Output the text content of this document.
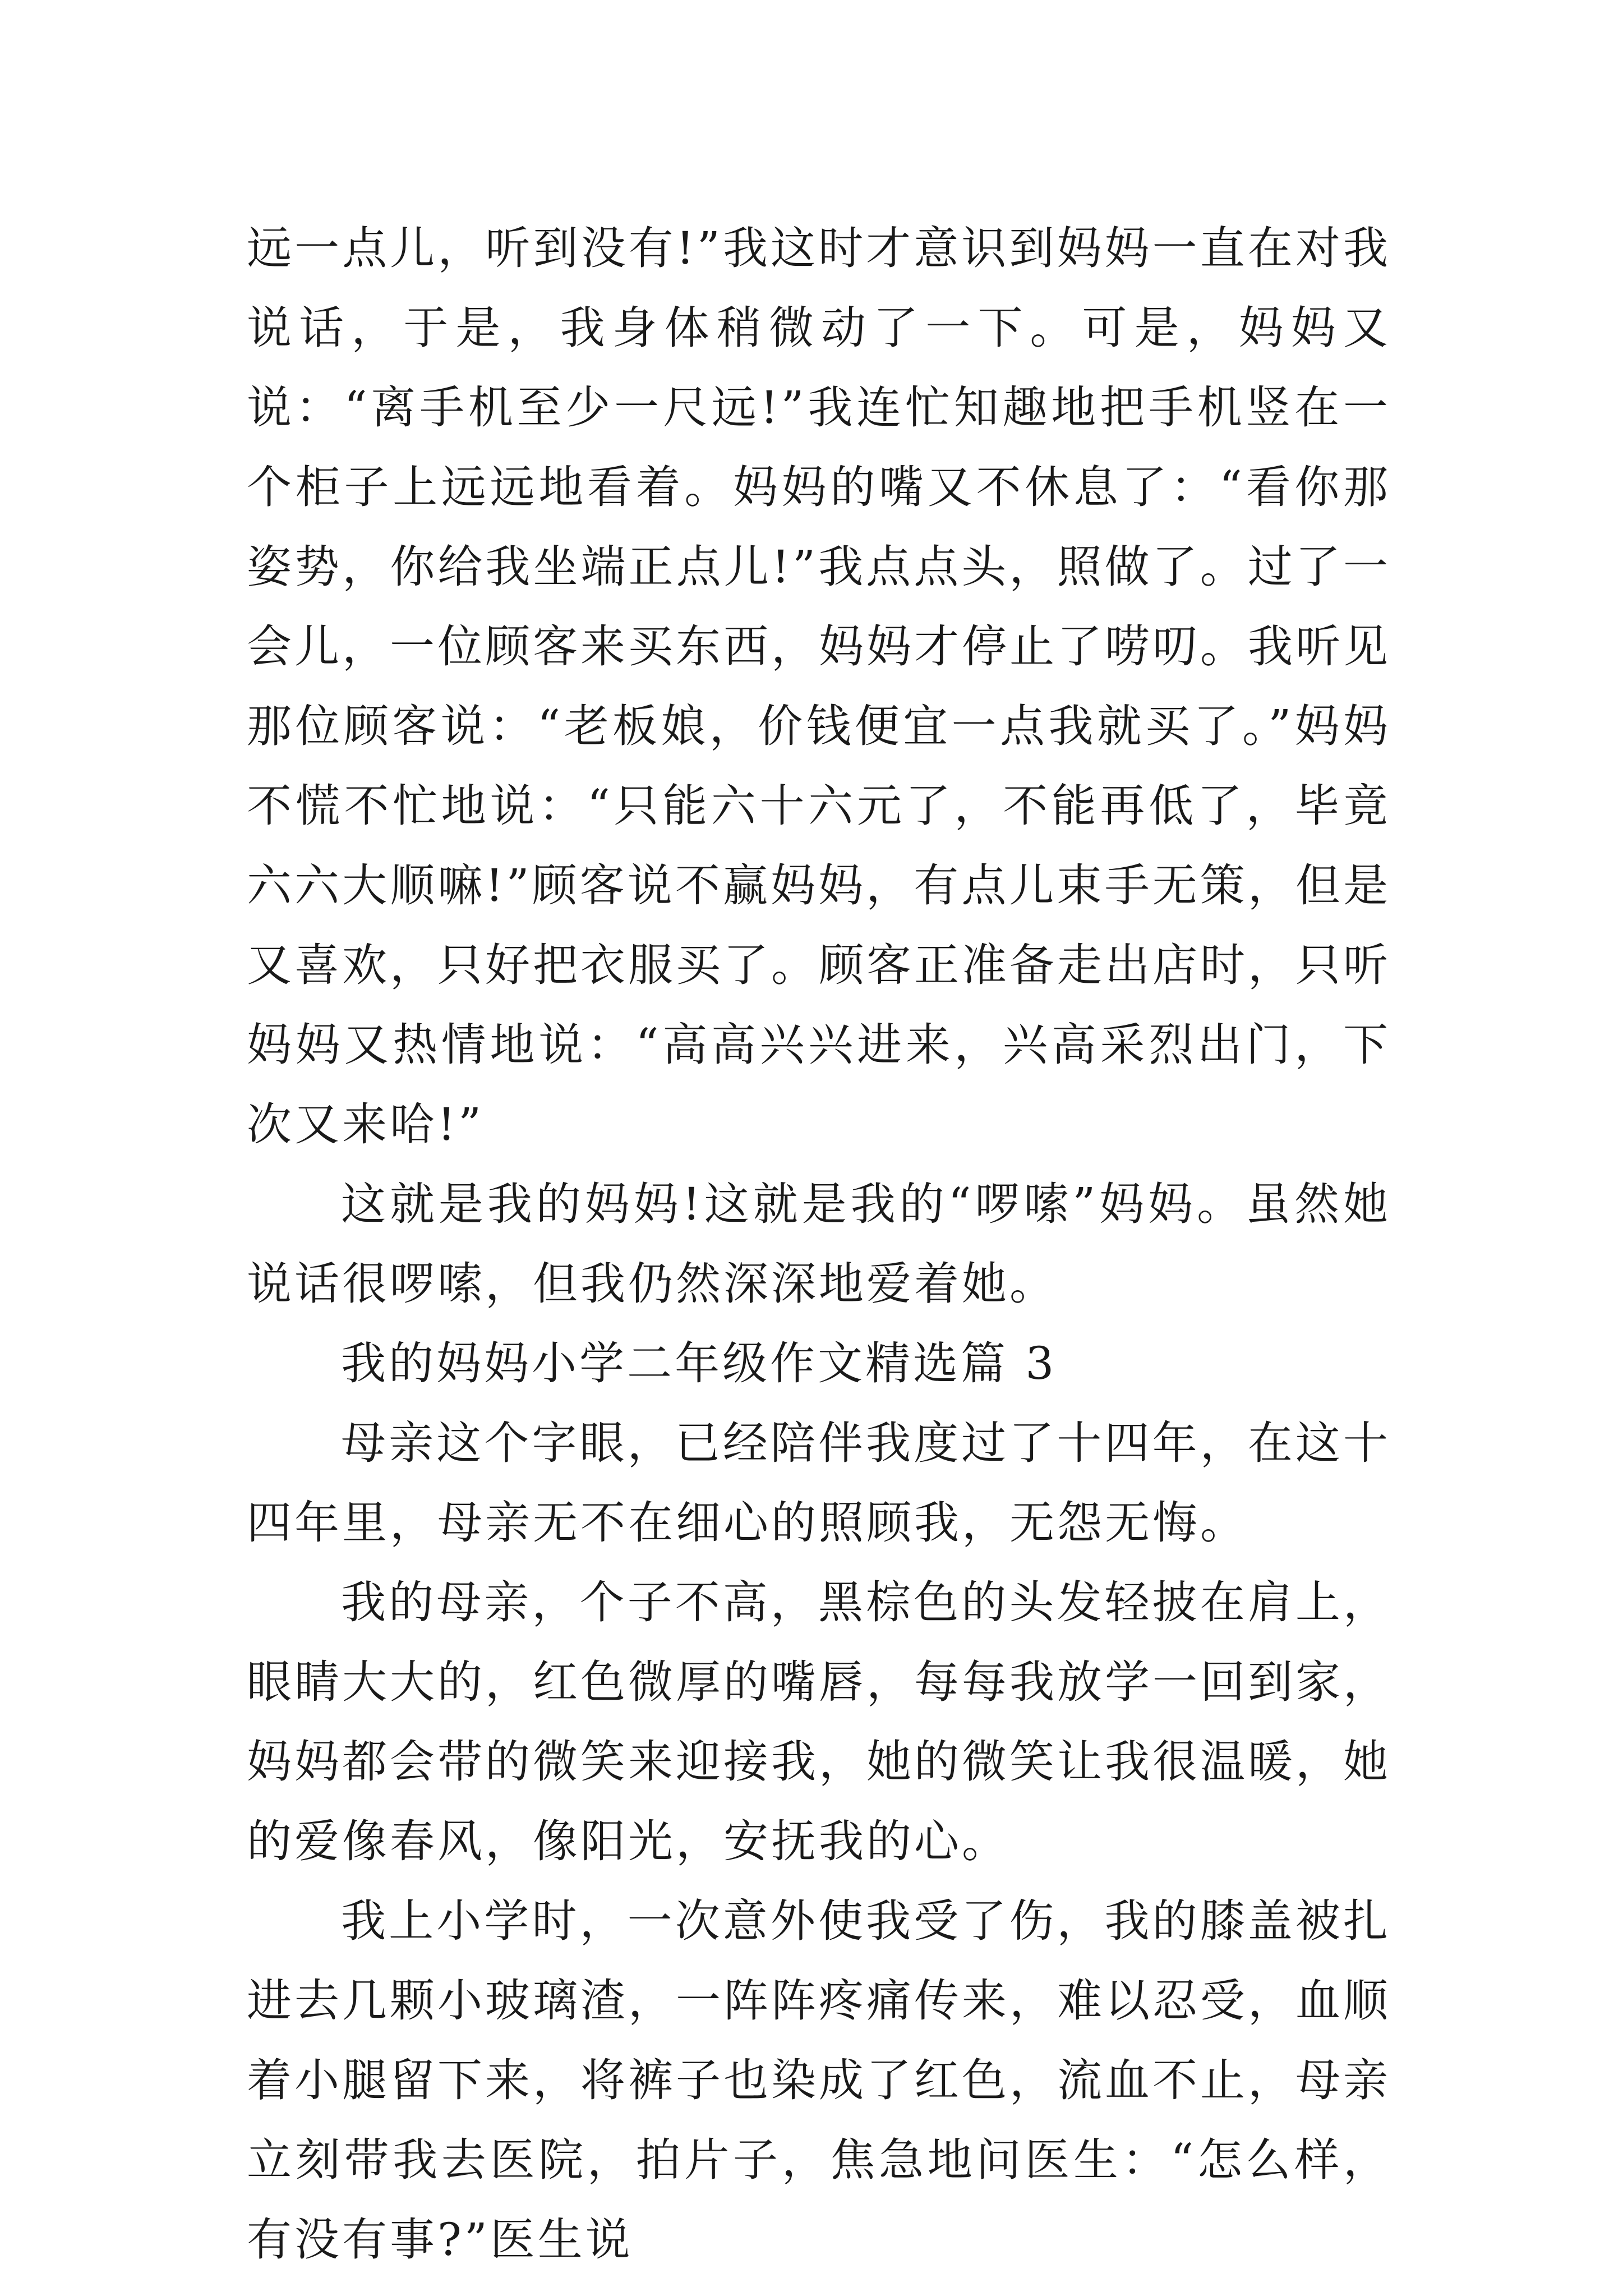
远一点儿，听到没有!”我这时才意识到妈妈一直在对我说话，于是，我身体稍微动了一下。可是，妈妈又说：“离手机至少一尺远!”我连忙知趣地把手机竖在一个柜子上远远地看着。妈妈的嘴又不休息了：“看你那姿势，你给我坐端正点儿!”我点点头，照做了。过了一会儿，一位顾客来买东西，妈妈才停止了唠叨。我听见那位顾客说：“老板娘，价钱便宜一点我就买了。”妈妈不慌不忙地说：“只能六十六元了，不能再低了，毕竟六六大顺嘛!”顾客说不赢妈妈，有点儿束手无策，但是又喜欢，只好把衣服买了。顾客正准备走出店时，只听妈妈又热情地说：“高高兴兴进来，兴高采烈出门，下次又来哈!”

这就是我的妈妈!这就是我的“啰嗦”妈妈。虽然她说话很啰嗦，但我仍然深深地爱着她。

我的妈妈小学二年级作文精选篇 3

母亲这个字眼，已经陪伴我度过了十四年，在这十四年里，母亲无不在细心的照顾我，无怨无悔。

我的母亲，个子不高，黑棕色的头发轻披在肩上，眼睛大大的，红色微厚的嘴唇，每每我放学一回到家，妈妈都会带的微笑来迎接我，她的微笑让我很温暖，她的爱像春风，像阳光，安抚我的心。

我上小学时，一次意外使我受了伤，我的膝盖被扎进去几颗小玻璃渣，一阵阵疼痛传来，难以忍受，血顺着小腿留下来，将裤子也染成了红色，流血不止，母亲立刻带我去医院，拍片子，焦急地问医生：“怎么样，有没有事?”医生说
